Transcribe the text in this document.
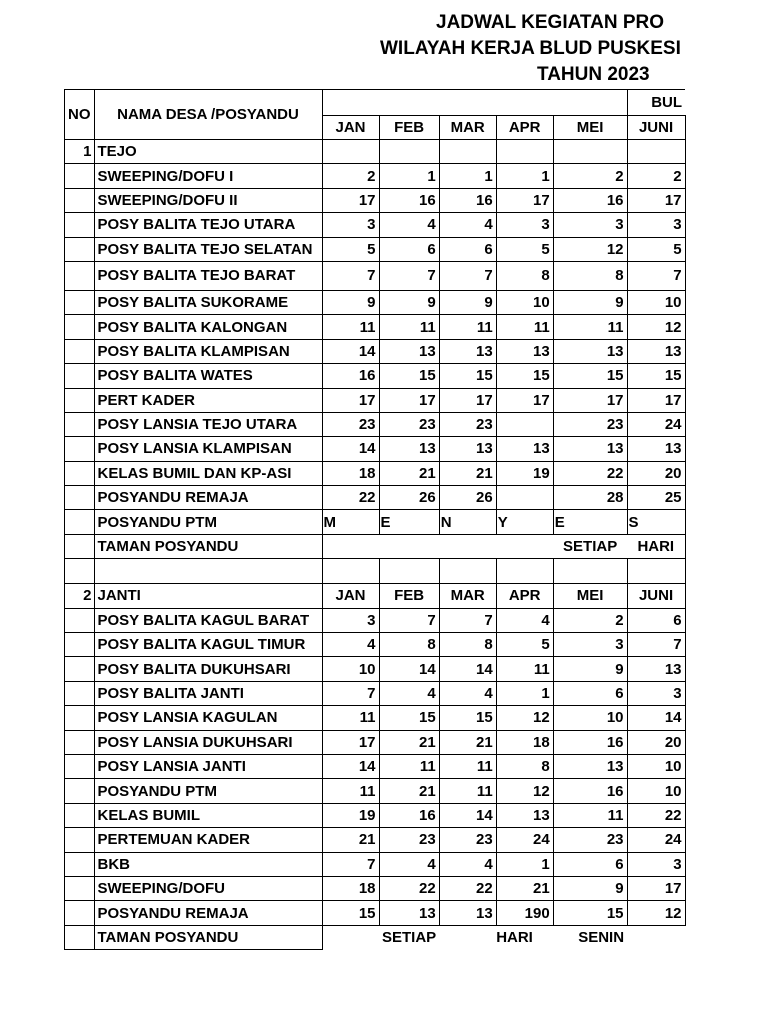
JADWAL KEGIATAN PRO
WILAYAH KERJA BLUD PUSKESI
TAHUN 2023
NO	NAMA DESA /POSYANDU						BUL
		JAN	FEB	MAR	APR	MEI	JUNI
1	TEJO						
	SWEEPING/DOFU I	2	1	1	1	2	2
	SWEEPING/DOFU II	17	16	16	17	16	17
	POSY BALITA TEJO UTARA	3	4	4	3	3	3
	POSY BALITA TEJO SELATAN	5	6	6	5	12	5
	POSY BALITA TEJO BARAT	7	7	7	8	8	7
	POSY BALITA SUKORAME	9	9	9	10	9	10
	POSY BALITA KALONGAN	11	11	11	11	11	12
	POSY BALITA KLAMPISAN	14	13	13	13	13	13
	POSY BALITA WATES	16	15	15	15	15	15
	PERT KADER	17	17	17	17	17	17
	POSY LANSIA TEJO UTARA	23	23	23		23	24
	POSY LANSIA KLAMPISAN	14	13	13	13	13	13
	KELAS BUMIL DAN KP-ASI	18	21	21	19	22	20
	POSYANDU REMAJA	22	26	26		28	25
	POSYANDU PTM	M	E	N	Y	E	S
	TAMAN POSYANDU					SETIAP	HARI

2	JANTI	JAN	FEB	MAR	APR	MEI	JUNI
	POSY BALITA KAGUL BARAT	3	7	7	4	2	6
	POSY BALITA KAGUL TIMUR	4	8	8	5	3	7
	POSY BALITA DUKUHSARI	10	14	14	11	9	13
	POSY BALITA JANTI	7	4	4	1	6	3
	POSY LANSIA KAGULAN	11	15	15	12	10	14
	POSY LANSIA DUKUHSARI	17	21	21	18	16	20
	POSY LANSIA JANTI	14	11	11	8	13	10
	POSYANDU PTM	11	21	11	12	16	10
	KELAS BUMIL	19	16	14	13	11	22
	PERTEMUAN KADER	21	23	23	24	23	24
	BKB	7	4	4	1	6	3
	SWEEPING/DOFU	18	22	22	21	9	17
	POSYANDU REMAJA	15	13	13	190	15	12
	TAMAN POSYANDU		SETIAP		HARI	SENIN	
